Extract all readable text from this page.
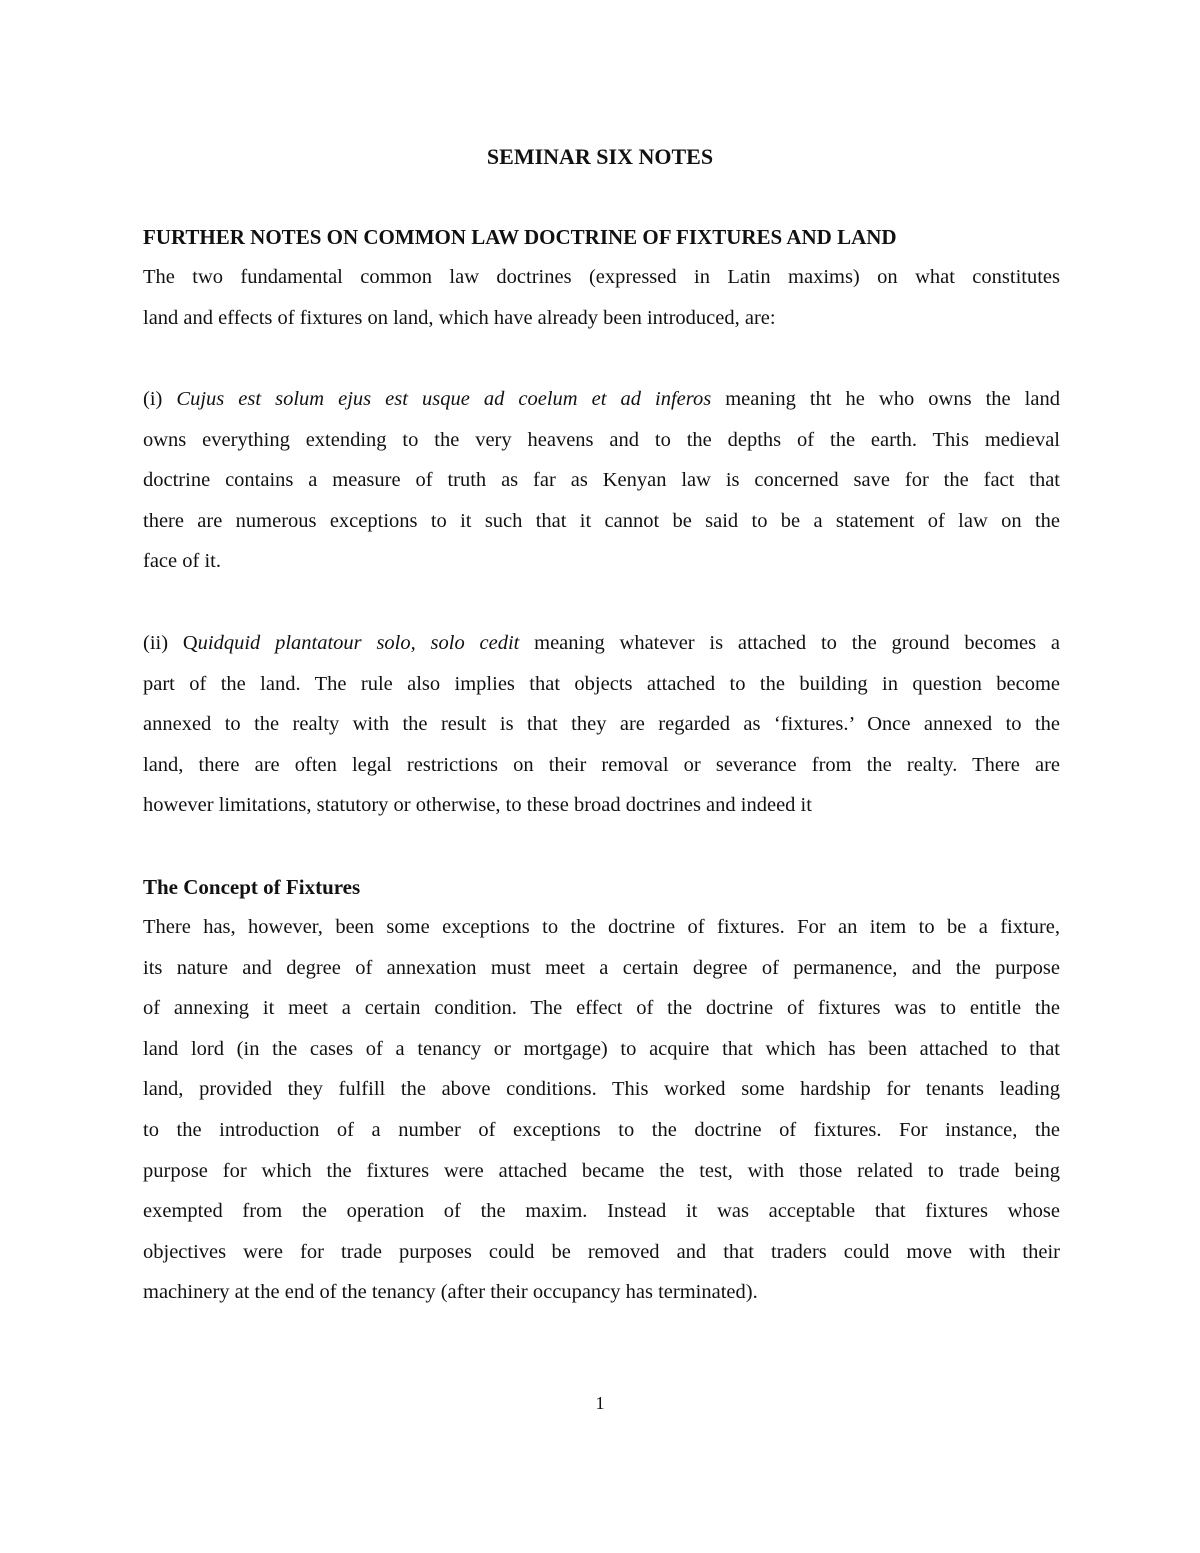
SEMINAR SIX NOTES
FURTHER NOTES ON COMMON LAW DOCTRINE OF FIXTURES AND LAND
The two fundamental common law doctrines (expressed in Latin maxims) on what constitutes
land and effects of fixtures on land, which have already been introduced, are:
(i) Cujus est solum ejus est usque ad coelum et ad inferos meaning tht he who owns the land
owns everything extending to the very heavens and to the depths of the earth. This medieval
doctrine contains a measure of truth as far as Kenyan law is concerned save for the fact that
there are numerous exceptions to it such that it cannot be said to be a statement of law on the
face of it.
(ii) Quidquid plantatour solo, solo cedit meaning whatever is attached to the ground becomes a
part of the land. The rule also implies that objects attached to the building in question become
annexed to the realty with the result is that they are regarded as ‘fixtures.’ Once annexed to the
land, there are often legal restrictions on their removal or severance from the realty. There are
however limitations, statutory or otherwise, to these broad doctrines and indeed it
The Concept of Fixtures
There has, however, been some exceptions to the doctrine of fixtures. For an item to be a fixture,
its nature and degree of annexation must meet a certain degree of permanence, and the purpose
of annexing it meet a certain condition. The effect of the doctrine of fixtures was to entitle the
land lord (in the cases of a tenancy or mortgage) to acquire that which has been attached to that
land, provided they fulfill the above conditions. This worked some hardship for tenants leading
to the introduction of a number of exceptions to the doctrine of fixtures. For instance, the
purpose for which the fixtures were attached became the test, with those related to trade being
exempted from the operation of the maxim. Instead it was acceptable that fixtures whose
objectives were for trade purposes could be removed and that traders could move with their
machinery at the end of the tenancy (after their occupancy has terminated).
1
